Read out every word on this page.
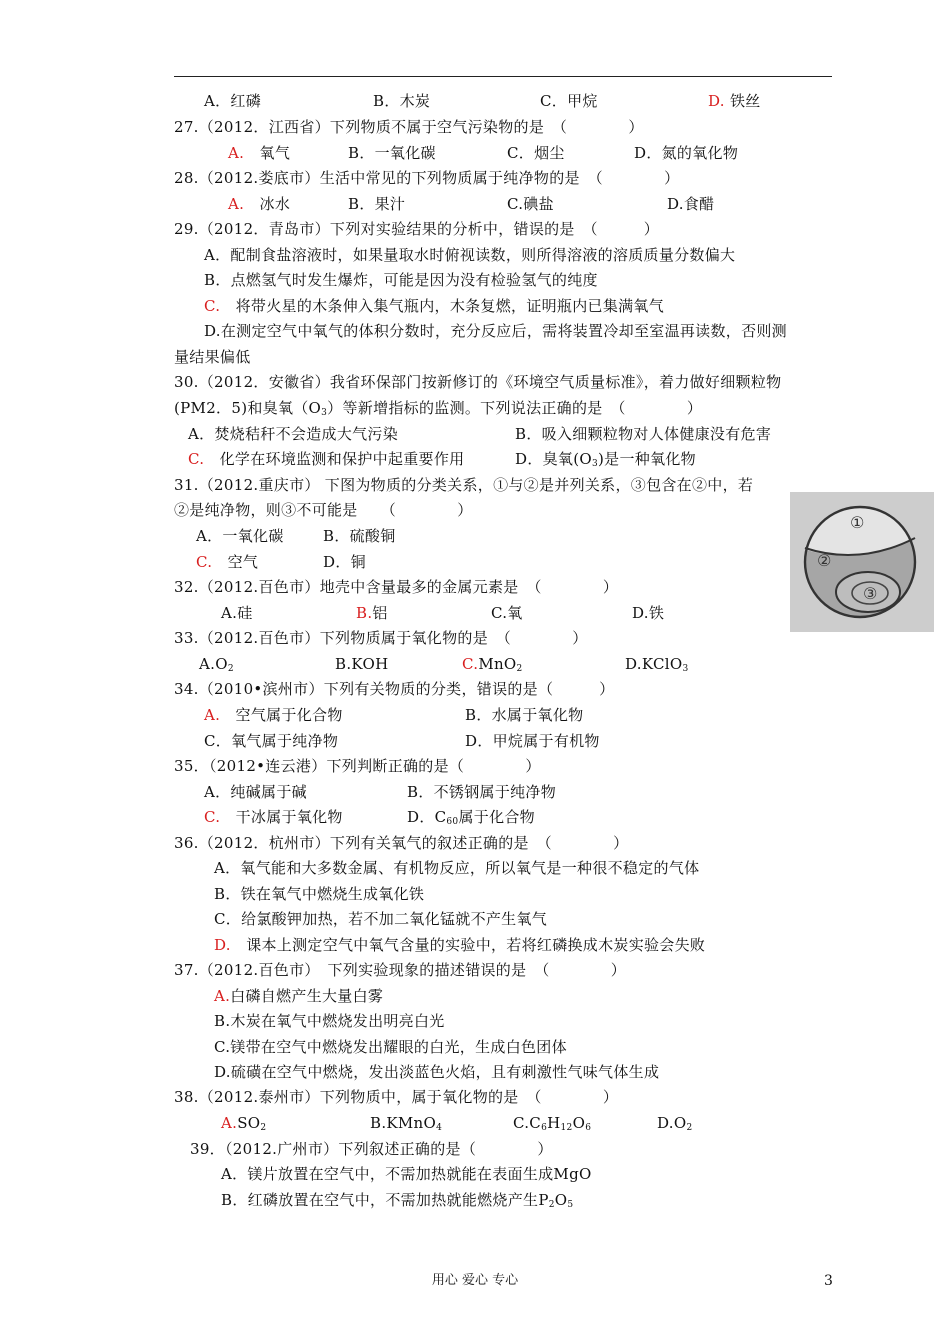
A．红磷	B．木炭	C．甲烷	D. 铁丝
27.（2012．江西省）下列物质不属于空气污染物的是　（　　　　）
A.　 氧气	B．一氧化碳	C．烟尘	D．氮的氧化物
28.（2012.娄底市）生活中常见的下列物质属于纯净物的是　（　　　　）
A.　 冰水	B．果汁	C.碘盐	D.食醋
29.（2012．青岛市）下列对实验结果的分析中，错误的是　（　　　）
A．配制食盐溶液时，如果量取水时俯视读数，则所得溶液的溶质质量分数偏大
B．点燃氢气时发生爆炸，可能是因为没有检验氢气的纯度
C.　 将带火星的木条伸入集气瓶内，木条复燃，证明瓶内已集满氧气
D.在测定空气中氧气的体积分数时，充分反应后，需将装置冷却至室温再读数，否则测
量结果偏低
30.（2012．安徽省）我省环保部门按新修订的《环境空气质量标准》，着力做好细颗粒物
(PM2．5)和臭氧$(O_3)$等新增指标的监测。下列说法正确的是　（　　　　）
A．焚烧秸秆不会造成大气污染	B．吸入细颗粒物对人体健康没有危害
C.　 化学在环境监测和保护中起重要作用	D．臭氧$(O_3)$是一种氧化物
31.（2012.重庆市） 下图为物质的分类关系，①与②是并列关系，③包含在②中，若
②是纯净物，则③不可能是　　（　　　　）
A．一氧化碳	B．硫酸铜
C.　 空气	D．铜
①
②
③
32.（2012.百色市）地壳中含量最多的金属元素是　（　　　　）
A.硅	B.铝	C.氧	D.铁
33.（2012.百色市）下列物质属于氧化物的是　（　　　　）
$A.O_2$	B.KOH	C.MnO$_2$	D.KClO$_3$
34.（2010•滨州市）下列有关物质的分类，错误的是（　　　）
A.　 空气属于化合物	B．水属于氧化物
C．氧气属于纯净物	D．甲烷属于有机物
35．（2012•连云港）下列判断正确的是（　　　　）
A．纯碱属于碱	B．不锈钢属于纯净物
C.　 干冰属于氧化物	D．$C_{60}$属于化合物
36.（2012．杭州市）下列有关氧气的叙述正确的是　（　　　　）
A．氧气能和大多数金属、有机物反应，所以氧气是一种很不稳定的气体
B．铁在氧气中燃烧生成氧化铁
C．给氯酸钾加热，若不加二氧化锰就不产生氧气
D.　 课本上测定空气中氧气含量的实验中，若将红磷换成木炭实验会失败
37.（2012.百色市）　下列实验现象的描述错误的是　（　　　　）
A.白磷自燃产生大量白雾
B.木炭在氧气中燃烧发出明亮白光
C.镁带在空气中燃烧发出耀眼的白光，生成白色团体
D.硫磺在空气中燃烧，发出淡蓝色火焰，且有刺激性气味气体生成
38.（2012.泰州市）下列物质中，属于氧化物的是　（　　　　）
$A.SO_2$	B.KMnO$_4$	$C.C_6H_{12}O_6$	$D.O_2$
39．（2012.广州市）下列叙述正确的是（　　　　）
A．镁片放置在空气中，不需加热就能在表面生成MgO
B．红磷放置在空气中，不需加热就能燃烧产生$P_2O_5$
用心 爱心 专心	3
